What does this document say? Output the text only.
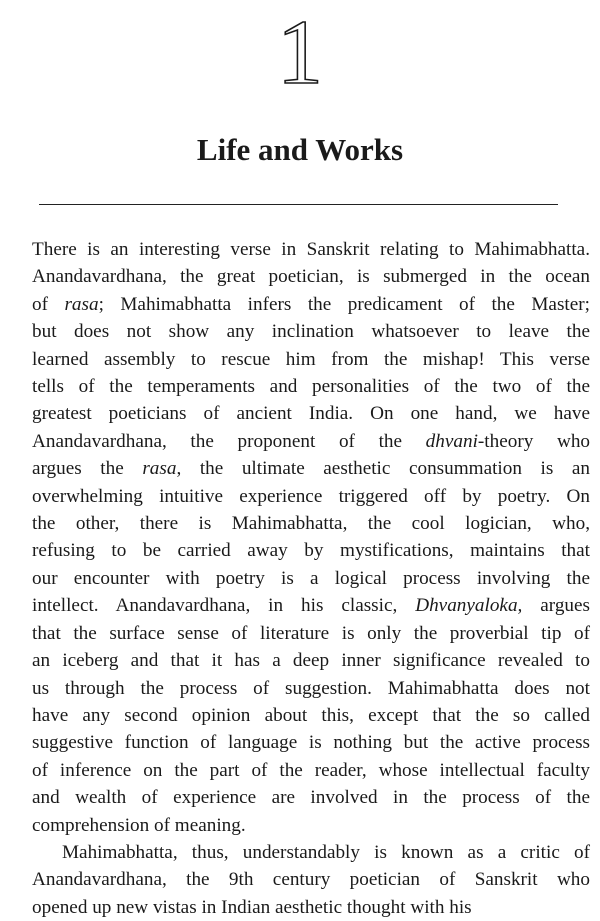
1
Life and Works

There is an interesting verse in Sanskrit relating to Mahimabhatta.
Anandavardhana, the great poetician, is submerged in the ocean
of rasa; Mahimabhatta infers the predicament of the Master;
but does not show any inclination whatsoever to leave the
learned assembly to rescue him from the mishap! This verse
tells of the temperaments and personalities of the two of the
greatest poeticians of ancient India. On one hand, we have
Anandavardhana, the proponent of the dhvani-theory who
argues the rasa, the ultimate aesthetic consummation is an
overwhelming intuitive experience triggered off by poetry. On
the other, there is Mahimabhatta, the cool logician, who,
refusing to be carried away by mystifications, maintains that
our encounter with poetry is a logical process involving the
intellect. Anandavardhana, in his classic, Dhvanyaloka, argues
that the surface sense of literature is only the proverbial tip of
an iceberg and that it has a deep inner significance revealed to
us through the process of suggestion. Mahimabhatta does not
have any second opinion about this, except that the so called
suggestive function of language is nothing but the active process
of inference on the part of the reader, whose intellectual faculty
and wealth of experience are involved in the process of the
comprehension of meaning.

Mahimabhatta, thus, understandably is known as a critic of
Anandavardhana, the 9th century poetician of Sanskrit who
opened up new vistas in Indian aesthetic thought with his
